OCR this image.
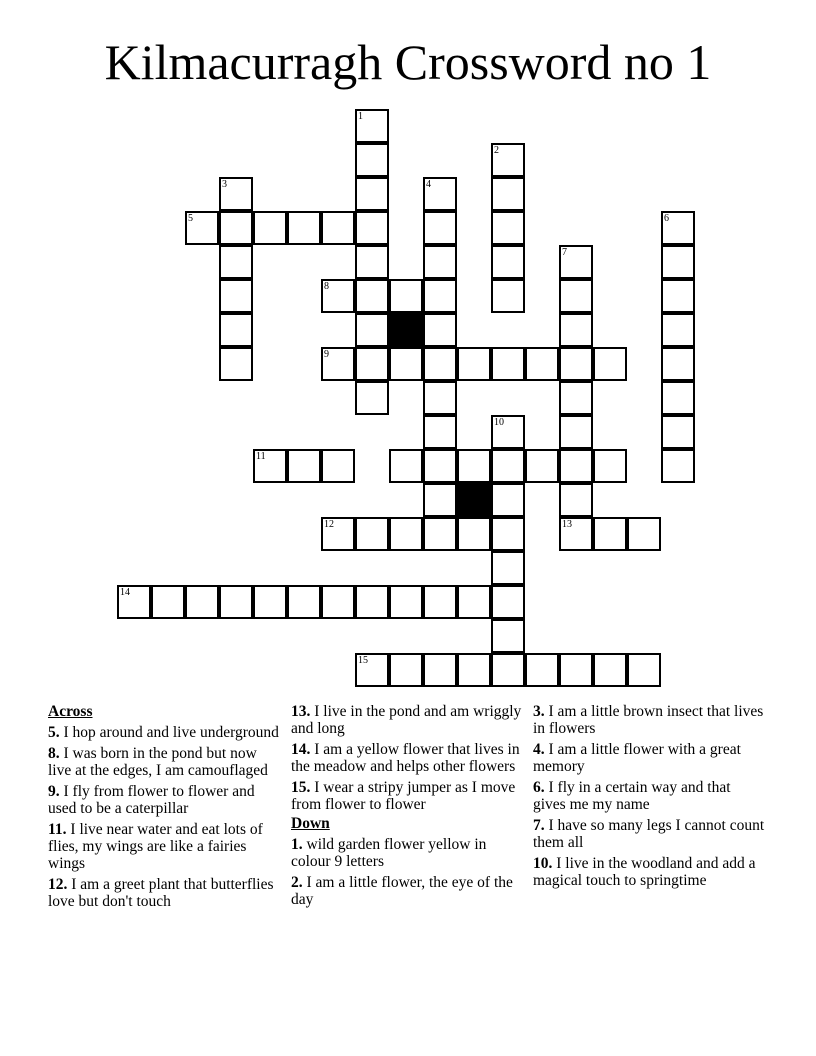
Kilmacurragh Crossword no 1
1
2
3	4
5	6
7
13
8
9
10
11
12
14
15
Across
5. I hop around and live underground
8. I was born in the pond but now live at the edges, I am camouflaged
9. I fly from flower to flower and used to be a caterpillar
11. I live near water and eat lots of flies, my wings are like a fairies wings
12. I am a greet plant that butterflies love but don't touch
13. I live in the pond and am wriggly and long
14. I am a yellow flower that lives in the meadow and helps other flowers
15. I wear a stripy jumper as I move from flower to flower
Down
1. wild garden flower yellow in colour 9 letters
2. I am a little flower, the eye of the day
3. I am a little brown insect that lives in flowers
4. I am a little flower with a great memory
6. I fly in a certain way and that gives me my name
7. I have so many legs I cannot count them all
10. I live in the woodland and add a magical touch to springtime
